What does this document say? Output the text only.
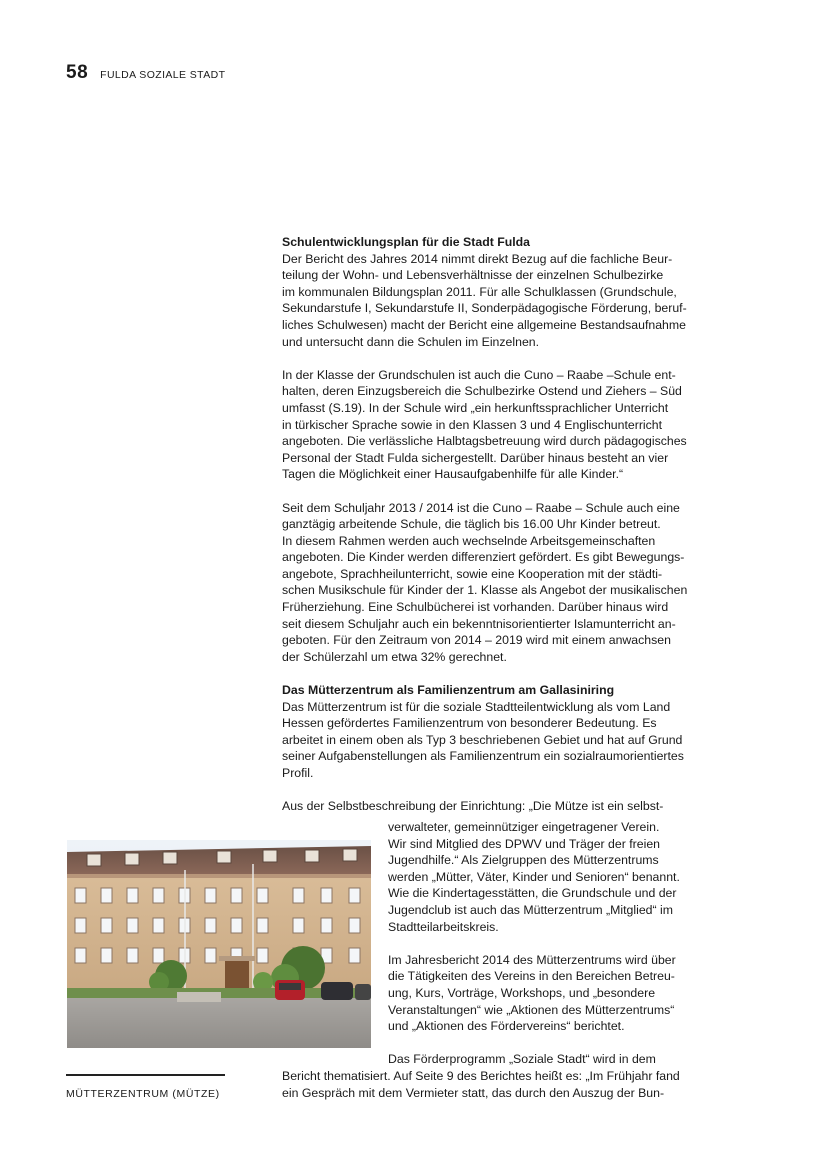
58 FULDA SOZIALE STADT
Schulentwicklungsplan für die Stadt Fulda

Der Bericht des Jahres 2014 nimmt direkt Bezug auf die fachliche Beur-

teilung der Wohn- und Lebensverhältnisse der einzelnen Schulbezirke

im kommunalen Bildungsplan 2011. Für alle Schulklassen (Grundschule,

Sekundarstufe I, Sekundarstufe II, Sonderpädagogische Förderung, beruf-

liches Schulwesen) macht der Bericht eine allgemeine Bestandsaufnahme

und untersucht dann die Schulen im Einzelnen.

In der Klasse der Grundschulen ist auch die Cuno – Raabe –Schule ent-

halten, deren Einzugsbereich die Schulbezirke Ostend und Ziehers – Süd

umfasst (S.19). In der Schule wird „ein herkunftssprachlicher Unterricht

in türkischer Sprache sowie in den Klassen 3 und 4 Englischunterricht

angeboten. Die verlässliche Halbtagsbetreuung wird durch pädagogisches

Personal der Stadt Fulda sichergestellt. Darüber hinaus besteht an vier

Tagen die Möglichkeit einer Hausaufgabenhilfe für alle Kinder.“

Seit dem Schuljahr 2013 / 2014 ist die Cuno – Raabe – Schule auch eine

ganztägig arbeitende Schule, die täglich bis 16.00 Uhr Kinder betreut.

In diesem Rahmen werden auch wechselnde Arbeitsgemeinschaften

angeboten. Die Kinder werden differenziert gefördert. Es gibt Bewegungs-

angebote, Sprachheilunterricht, sowie eine Kooperation mit der städti-

schen Musikschule für Kinder der 1. Klasse als Angebot der musikalischen

Früherziehung. Eine Schulbücherei ist vorhanden. Darüber hinaus wird

seit diesem Schuljahr auch ein bekenntnisorientierter Islamunterricht an-

geboten. Für den Zeitraum von 2014 – 2019 wird mit einem anwachsen

der Schülerzahl um etwa 32% gerechnet.

Das Mütterzentrum als Familienzentrum am Gallasiniring

Das Mütterzentrum ist für die soziale Stadtteilentwicklung als vom Land

Hessen gefördertes Familienzentrum von besonderer Bedeutung. Es

arbeitet in einem oben als Typ 3 beschriebenen Gebiet und hat auf Grund

seiner Aufgabenstellungen als Familienzentrum ein sozialraumorientiertes

Profil.

Aus der Selbstbeschreibung der Einrichtung: „Die Mütze ist ein selbst-

verwalteter, gemeinnütziger eingetragener Verein.

Wir sind Mitglied des DPWV und Träger der freien

Jugendhilfe.“ Als Zielgruppen des Mütterzentrums

werden „Mütter, Väter, Kinder und Senioren“ benannt.

Wie die Kindertagesstätten, die Grundschule und der

Jugendclub ist auch das Mütterzentrum „Mitglied“ im

Stadtteilarbeitskreis.

Im Jahresbericht 2014 des Mütterzentrums wird über

die Tätigkeiten des Vereins in den Bereichen Betreu-

ung, Kurs, Vorträge, Workshops, und „besondere

Veranstaltungen“ wie „Aktionen des Mütterzentrums“

und „Aktionen des Fördervereins“ berichtet.

Das Förderprogramm „Soziale Stadt“ wird in dem

Bericht thematisiert. Auf Seite 9 des Berichtes heißt es: „Im Frühjahr fand

ein Gespräch mit dem Vermieter statt, das durch den Auszug der Bun-

MÜTTERZENTRUM (MÜTZE)
